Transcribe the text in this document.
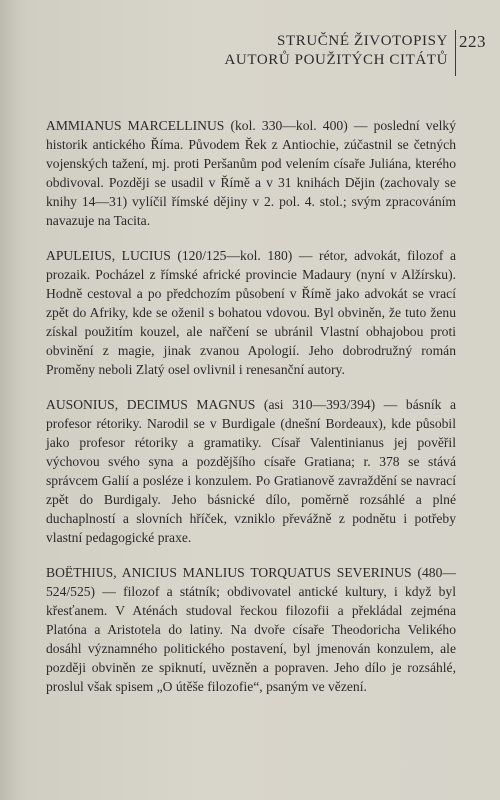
STRUČNÉ ŽIVOTOPISY
AUTORŮ POUŽITÝCH CITÁTŮ
223

AMMIANUS MARCELLINUS (kol. 330—kol. 400) — poslední velký historik antického Říma. Původem Řek z Antiochie, zúčastnil se četných vojenských tažení, mj. proti Peršanům pod velením císaře Juliána, kterého obdivoval. Později se usadil v Římě a v 31 knihách Dějin (zachovaly se knihy 14—31) vylíčil římské dějiny v 2. pol. 4. stol.; svým zpracováním navazuje na Tacita.

APULEIUS, LUCIUS (120/125—kol. 180) — rétor, advokát, filozof a prozaik. Pocházel z římské africké provincie Madaury (nyní v Alžírsku). Hodně cestoval a po předchozím působení v Římě jako advokát se vrací zpět do Afriky, kde se oženil s bohatou vdovou. Byl obviněn, že tuto ženu získal použitím kouzel, ale nařčení se ubránil Vlastní obhajobou proti obvinění z magie, jinak zvanou Apologií. Jeho dobrodružný román Proměny neboli Zlatý osel ovlivnil i renesanční autory.

AUSONIUS, DECIMUS MAGNUS (asi 310—393/394) — básník a profesor rétoriky. Narodil se v Burdigale (dnešní Bordeaux), kde působil jako profesor rétoriky a gramatiky. Císař Valentinianus jej pověřil výchovou svého syna a pozdějšího císaře Gratiana; r. 378 se stává správcem Galií a posléze i konzulem. Po Gratianově zavraždění se navrací zpět do Burdigaly. Jeho básnické dílo, poměrně rozsáhlé a plné duchaplností a slovních hříček, vzniklo převážně z podnětu i potřeby vlastní pedagogické praxe.

BOËTHIUS, ANICIUS MANLIUS TORQUATUS SEVERINUS (480—524/525) — filozof a státník; obdivovatel antické kultury, i když byl křesťanem. V Aténách studoval řeckou filozofii a překládal zejména Platóna a Aristotela do latiny. Na dvoře císaře Theodoricha Velikého dosáhl významného politického postavení, byl jmenován konzulem, ale později obviněn ze spiknutí, uvězněn a popraven. Jeho dílo je rozsáhlé, proslul však spisem „O útěše filozofie“, psaným ve vězení.
